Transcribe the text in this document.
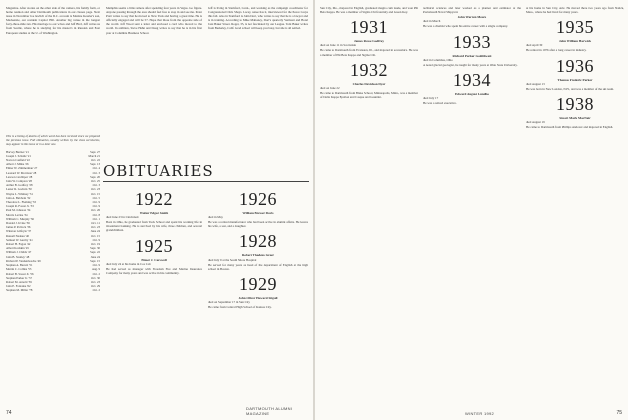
Magazine. After stories on the other side of the camera, his family farm, or home reunion and other Dartmouth publications in our classes page. Next issue in November Joe lawlich of the D.C. account is Maxine Kessler's son, Mackenzie, our resident Capitol Hill. Another big venue in the longest forty-three-mile run. His marriage to our wives and Jeff Bird, Jeff writes us from Seattle, where he is studying for his master's in Russian and East European studies at the U. of Washington.

Memphis seems a little remote after spending four years in Vegas. Go figure. Anyone passing through the area should feel free to stop in and see me. Peter Pratt writes to say that he moved to New York and having a great time. He is officially engaged and will be 57. Hope that those from the opposite side of the world. Jeff Wood sent a letter and enclosed a card who moved to the world. In addition, Steve Hahn and Doug writes to say that he is in his first year at Columbia Business School.

Jeff is living in Stamford, Conn., and working as the campaign coordinator for Congressional Chris Shays. Lacey, renee has it, interviewed for the Peace Corps this fall. Also in Stamford is John Dort, who writes to say that he is a lawyer and is in training. According to Mike Mahoney, Dort's quarterly Vermont and Hotel Jazz Baker Street. Roger, 35, is not fascinated by our League. Toni Baker writes from Berkeley, Calif. Grad school will keep you busy, but she is all settled.

This is a listing of deaths of which word has been received since we prepared the previous issue. Full obituaries, usually written by the class secretaries, may appear in this issue or in a later one.

Harvey Burtzer '21	Sept. 27
Joseph J. Schultz '21	March 21
Norton Canfield '22	Oct. 22
Albert J. Milne '26	Sept. 13
Elmer W. Zimmerman '27	Oct. 4
Leonard W. Morrison '28	Oct. 3
Lawson van Riper '28	Sept. 20
John W. Compton '28	Oct. 25
Arthur B. Godfrey '28	Oct. 3
Lester R. Godwin '30	Oct. 23
Wayne L. Whitney '31	Oct. 15
John A. Baldwin '32	Oct. 5
Theodore L. Fleming '33	Oct. 9
Joseph R. Forest Jr. '33	Oct. 9
Paul M. Johnson '34	Oct. 26
Morris Levine '34	Oct. 8
William C. Murphy '36	Oct. 1
Donald J. Irvine '36	Oct. 11
James P. Pollock '36	Oct. 23
Winston Gilfoyle '37	June 24
Russell Nadeau '40	Oct. 15
Samuel W. Garrity '41	Oct. 9
Robert H. Fagon '42	Oct. 19
Albert Koshkin '45	Sept. 30
William J. Childs '47	Sept. 22
John B. Stanley '48	June 24
Richard P. Vandenbosche '49	Sept. 15
Stephen A. Barrett '51	Oct. 9
Martin C. Collins '53	Aug. 9
Robert B. Sweet Jr. '56	Oct. 2
Stephen Parker Jr. '57	Oct. 30
Robert M. Arnold '59	Oct. 23
John E. Fontaine '62	Oct. 29
Stephen M. Miller '78	Oct. 2
OBITUARIES
1922
Walter Edgar Smith

died June 23 in Cincinnati

Born in Ohio, he graduated from Tuck School and spent his working life in investment banking. He is survived by his wife, three children, and several grandchildren.

1925
Elmer J. Carswell

died July 24 at his home in Cos Cob

He had served as manager with Freedom Fire and Marine Insurance Company for many years and was active in his community.

1926
William Brewer Davis

died in May

He was a retired manufacturer who had been active in alumni affairs. He leaves his wife, a son, and a daughter.

1928
Robert Thadeus Greer

died July 9 at the South Shore Hospital

He served for many years as head of the department of English at the high school in Boston.

1929
John Oliver Howard Stigall

died on September 17 in Sun City

He came from Central High School of Kansas City.

74
DARTMOUTH ALUMNI MAGAZINE

Sun City, Mo., majored in English, graduated magna cum laude, and won Phi Beta Kappa. He was a member of Sigma Chi fraternity and Green Key.

1931
James Rowe Godfrey

died on June 11 in Scottsdale

He came to Dartmouth from Evanston, Ill., and majored in economics. He was a member of Phi Beta Kappa and Sigma Chi.

1932
Charles Davidson Dyer

died on June 22

He came to Dartmouth from Blake School, Minneapolis, Minn., was a member of Delta Kappa Epsilon and Casque and Gauntlet.

technical sciences and later worked as a planner and estimator at the Portsmouth Naval Shipyard.

John Warren Mears

died in March

He was a chemist who spent his entire career with a single company.

1933
Richard Parker Goldthwait

died in Columbus, Ohio

A noted glacial geologist, he taught for many years at Ohio State University.

1934
Edward August Lundbo

died July 17

He was a retired executive.

at his home in Sun City, Ariz. He moved there two years ago from Natick, Mass., where he had lived for many years.

1935
John William Harwick

died April 30

He retired in 1976 after a long career in industry.

1936
Thomas Frederic Parker

died August 13

He was born in New London, N.H., and was a member of the ski team.

1938
Stuart Mark MacNair

died August 19

He came to Dartmouth from Phillips Andover and majored in English.

WINTER 1992	75
